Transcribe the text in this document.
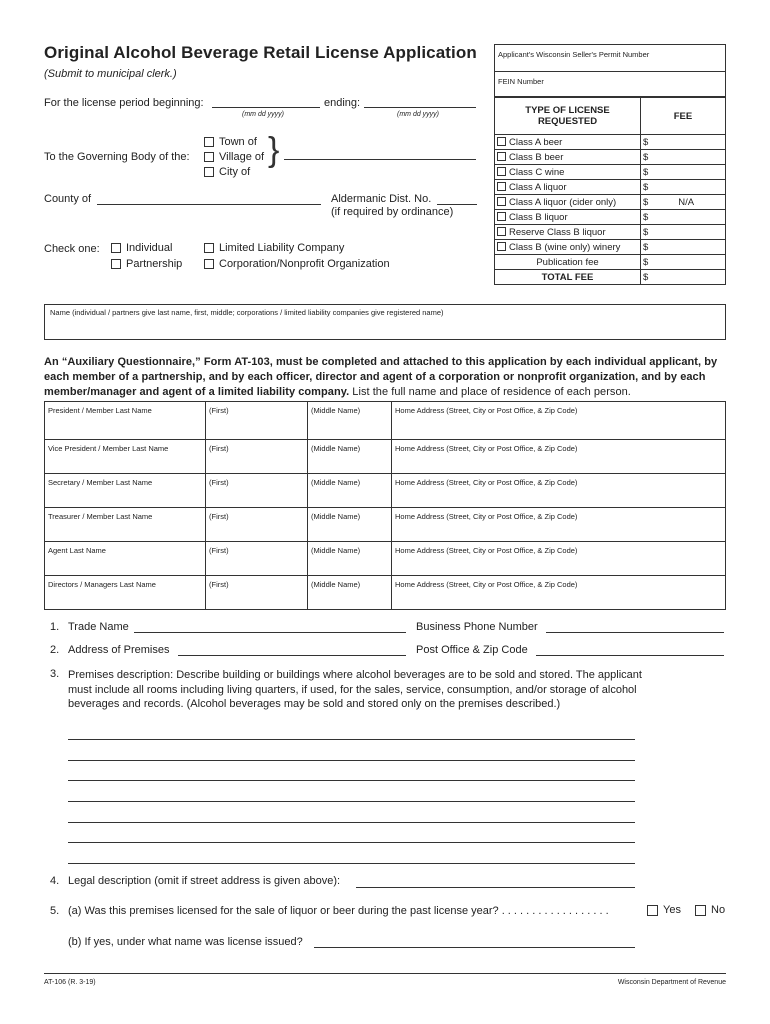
Original Alcohol Beverage Retail License Application
(Submit to municipal clerk.)
Applicant's Wisconsin Seller's Permit Number
FEIN Number
For the license period beginning:
(mm dd yyyy)
ending:
(mm dd yyyy)
To the Governing Body of the:
Town of
Village of
City of
}
County of	Aldermanic Dist. No.
(if required by ordinance)
Check one: Individual
Partnership
Limited Liability Company
Corporation/Nonprofit Organization
TYPE OF LICENSE REQUESTED	FEE
Class A beer	$
Class B beer	$
Class C wine	$
Class A liquor	$
Class A liquor (cider only)	$ N/A
Class B liquor	$
Reserve Class B liquor	$
Class B (wine only) winery	$
Publication fee	$
TOTAL FEE	$
Name (individual / partners give last name, first, middle; corporations / limited liability companies give registered name)
An “Auxiliary Questionnaire,” Form AT-103, must be completed and attached to this application by each individual applicant, by each member of a partnership, and by each officer, director and agent of a corporation or nonprofit organization, and by each member/manager and agent of a limited liability company. List the full name and place of residence of each person.
President / Member Last Name	(First)	(Middle Name)	Home Address (Street, City or Post Office, & Zip Code)
Vice President / Member Last Name	(First)	(Middle Name)	Home Address (Street, City or Post Office, & Zip Code)
Secretary / Member Last Name	(First)	(Middle Name)	Home Address (Street, City or Post Office, & Zip Code)
Treasurer / Member Last Name	(First)	(Middle Name)	Home Address (Street, City or Post Office, & Zip Code)
Agent Last Name	(First)	(Middle Name)	Home Address (Street, City or Post Office, & Zip Code)
Directors / Managers Last Name	(First)	(Middle Name)	Home Address (Street, City or Post Office, & Zip Code)
1. Trade Name	Business Phone Number
2. Address of Premises	Post Office & Zip Code
3. Premises description: Describe building or buildings where alcohol beverages are to be sold and stored. The applicant must include all rooms including living quarters, if used, for the sales, service, consumption, and/or storage of alcohol beverages and records. (Alcohol beverages may be sold and stored only on the premises described.)
4. Legal description (omit if street address is given above):
5. (a) Was this premises licensed for the sale of liquor or beer during the past license year? . . . . . . . . . . . . . . . . . .	Yes	No
(b) If yes, under what name was license issued?
AT-106 (R. 3-19)	Wisconsin Department of Revenue
